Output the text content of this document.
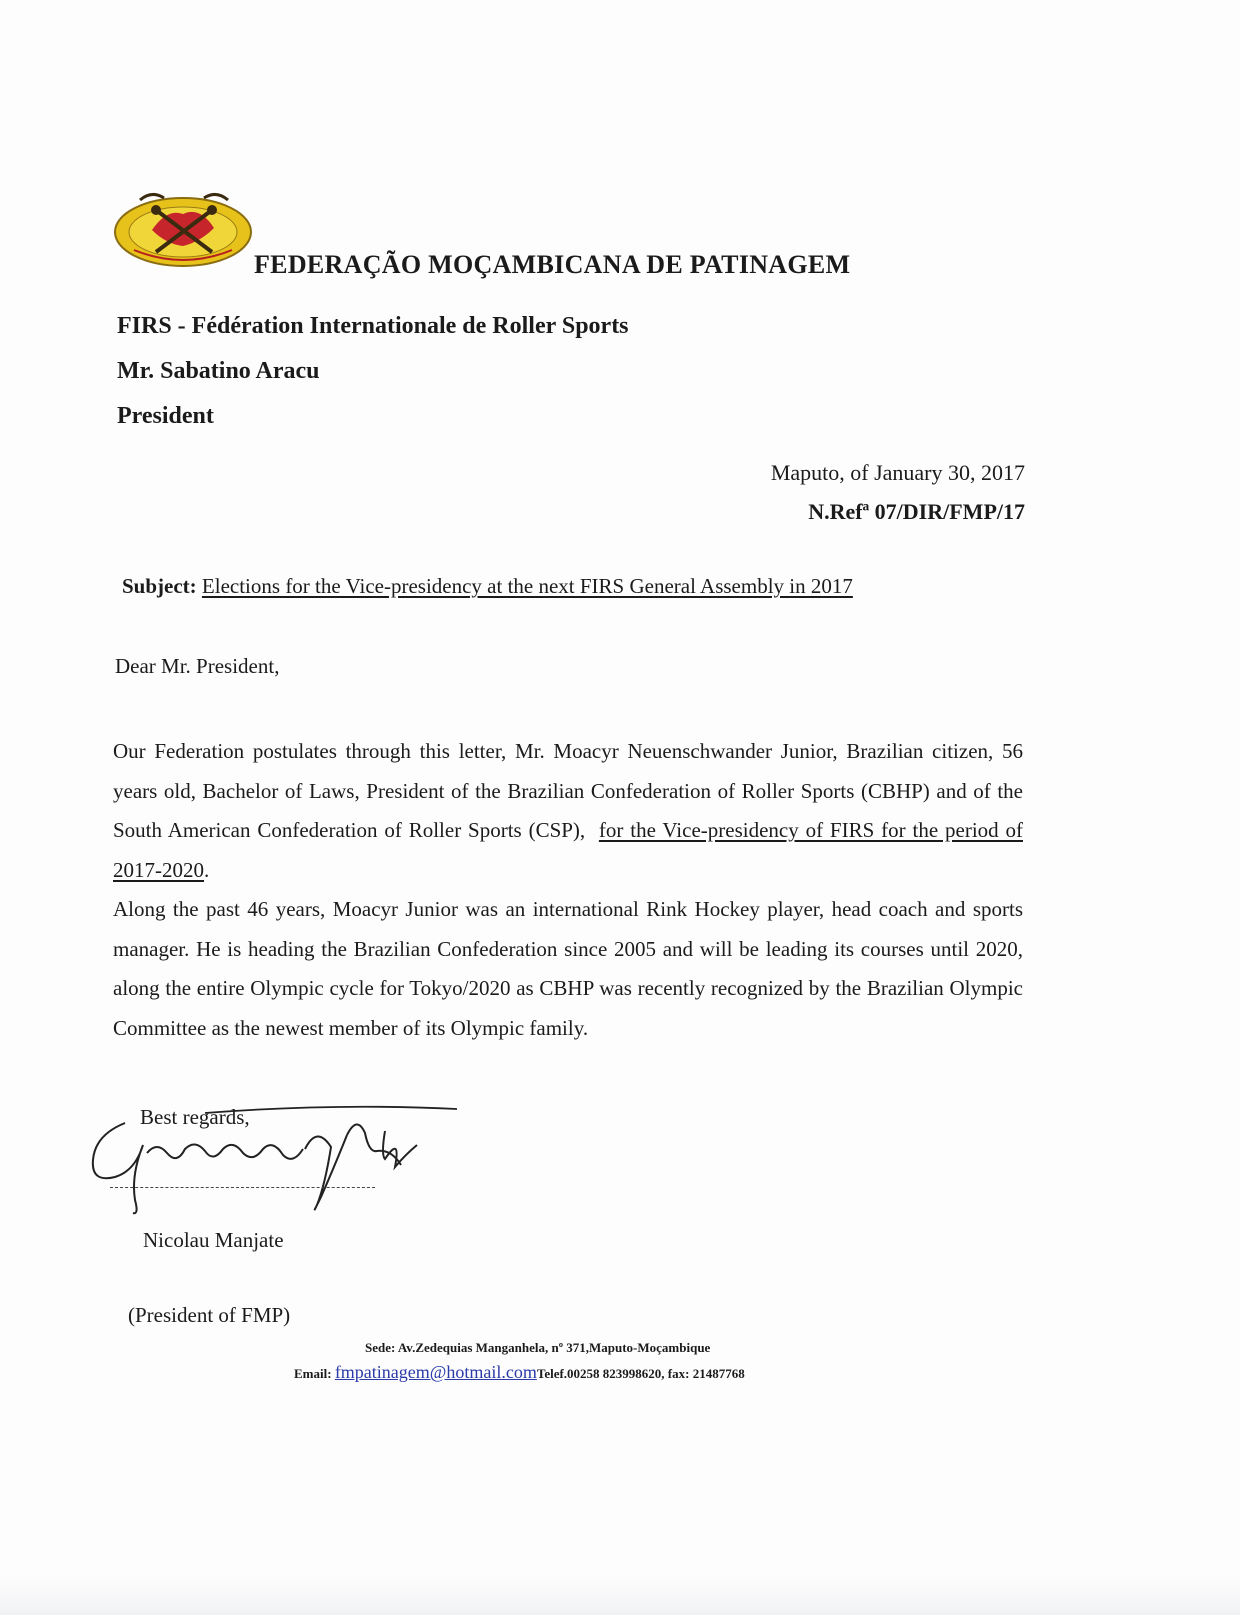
FEDERAÇÃO MOÇAMBICANA DE PATINAGEM
FIRS - Fédération Internationale de Roller Sports
Mr. Sabatino Aracu
President
Maputo, of January 30, 2017
N.Refª 07/DIR/FMP/17
Subject: Elections for the Vice-presidency at the next FIRS General Assembly in 2017
Dear Mr. President,

Our Federation postulates through this letter, Mr. Moacyr Neuenschwander Junior, Brazilian citizen, 56 years old, Bachelor of Laws, President of the Brazilian Confederation of Roller Sports (CBHP) and of the South American Confederation of Roller Sports (CSP), for the Vice-presidency of FIRS for the period of 2017-2020.

Along the past 46 years, Moacyr Junior was an international Rink Hockey player, head coach and sports manager. He is heading the Brazilian Confederation since 2005 and will be leading its courses until 2020, along the entire Olympic cycle for Tokyo/2020 as CBHP was recently recognized by the Brazilian Olympic Committee as the newest member of its Olympic family.

Best regards,
Nicolau Manjate
(President of FMP)
Sede: Av.Zedequias Manganhela, nº 371,Maputo-Moçambique
Email: fmpatinagem@hotmail.comTelef.00258 823998620, fax: 21487768
